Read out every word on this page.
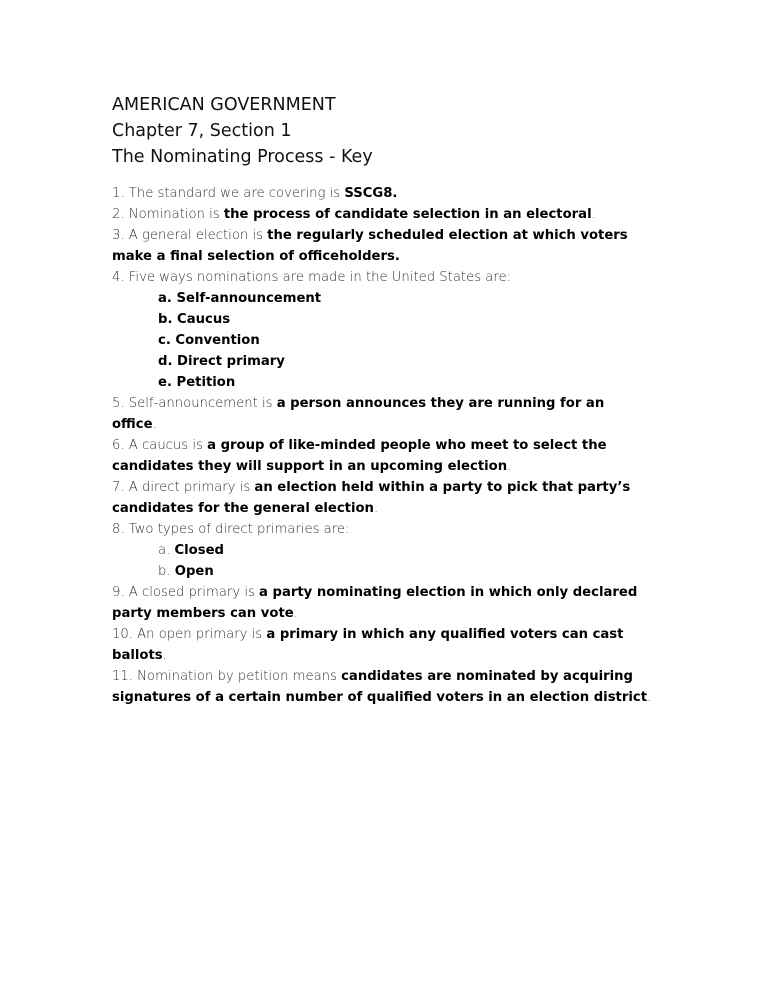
AMERICAN GOVERNMENT
Chapter 7, Section 1
The Nominating Process - Key
1. The standard we are covering is SSCG8.
2. Nomination is the process of candidate selection in an electoral.
3. A general election is the regularly scheduled election at which voters
make a final selection of officeholders.
4. Five ways nominations are made in the United States are:
a. Self-announcement
b. Caucus
c. Convention
d. Direct primary
e. Petition
5. Self-announcement is a person announces they are running for an
office.
6. A caucus is a group of like-minded people who meet to select the
candidates they will support in an upcoming election.
7. A direct primary is an election held within a party to pick that party’s
candidates for the general election.
8. Two types of direct primaries are:
a. Closed
b. Open
9. A closed primary is a party nominating election in which only declared
party members can vote.
10. An open primary is a primary in which any qualified voters can cast
ballots.
11. Nomination by petition means candidates are nominated by acquiring
signatures of a certain number of qualified voters in an election district.
